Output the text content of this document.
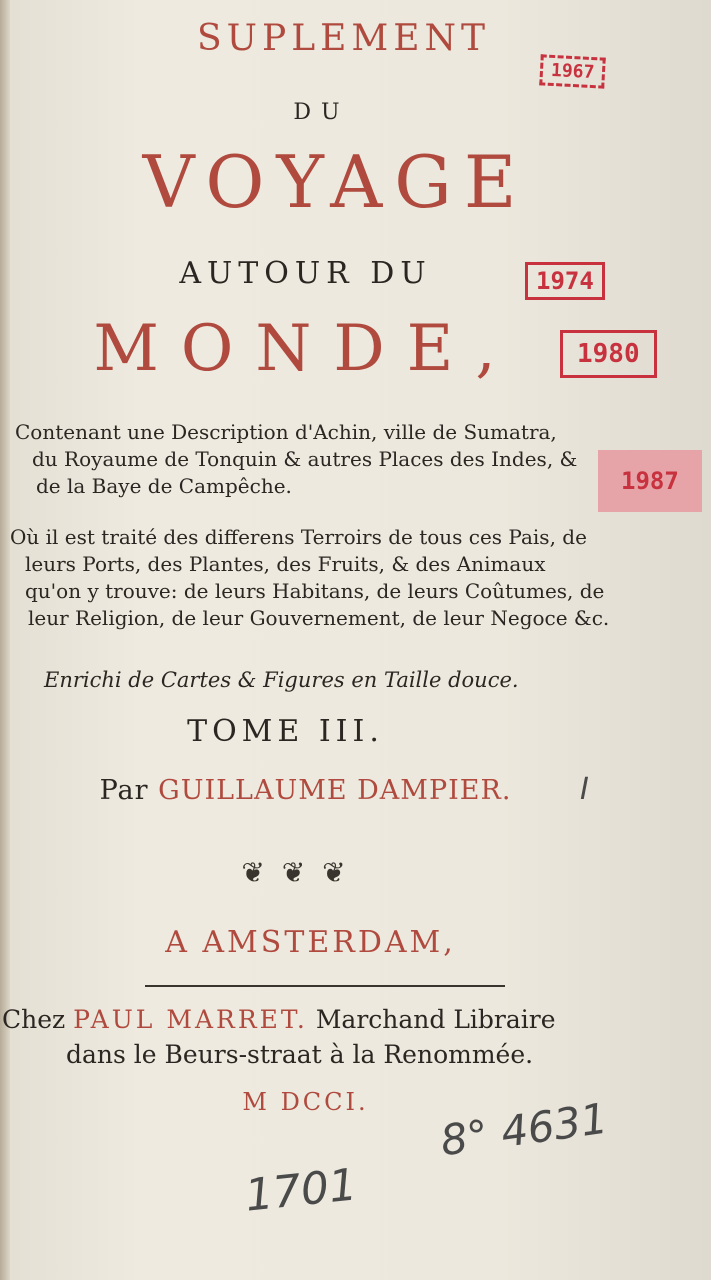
SUPLEMENT
DU
VOYAGE
AUTOUR DU
MONDE,
Contenant une Description d'Achin, ville de Sumatra,
du Royaume de Tonquin & autres Places des Indes, &
de la Baye de Campêche.
Où il est traité des differens Terroirs de tous ces Pais, de
leurs Ports, des Plantes, des Fruits, & des Animaux
qu'on y trouve: de leurs Habitans, de leurs Coûtumes, de
leur Religion, de leur Gouvernement, de leur Negoce &c.
Enrichi de Cartes & Figures en Taille douce.
TOME III.
Par GUILLAUME DAMPIER.
❦ ❦ ❦
A AMSTERDAM,
Chez PAUL MARRET. Marchand Libraire
dans le Beurs-straat à la Renommée.
M DCCI.
1967
1974
1980
1987
8° 4631
1701
I
